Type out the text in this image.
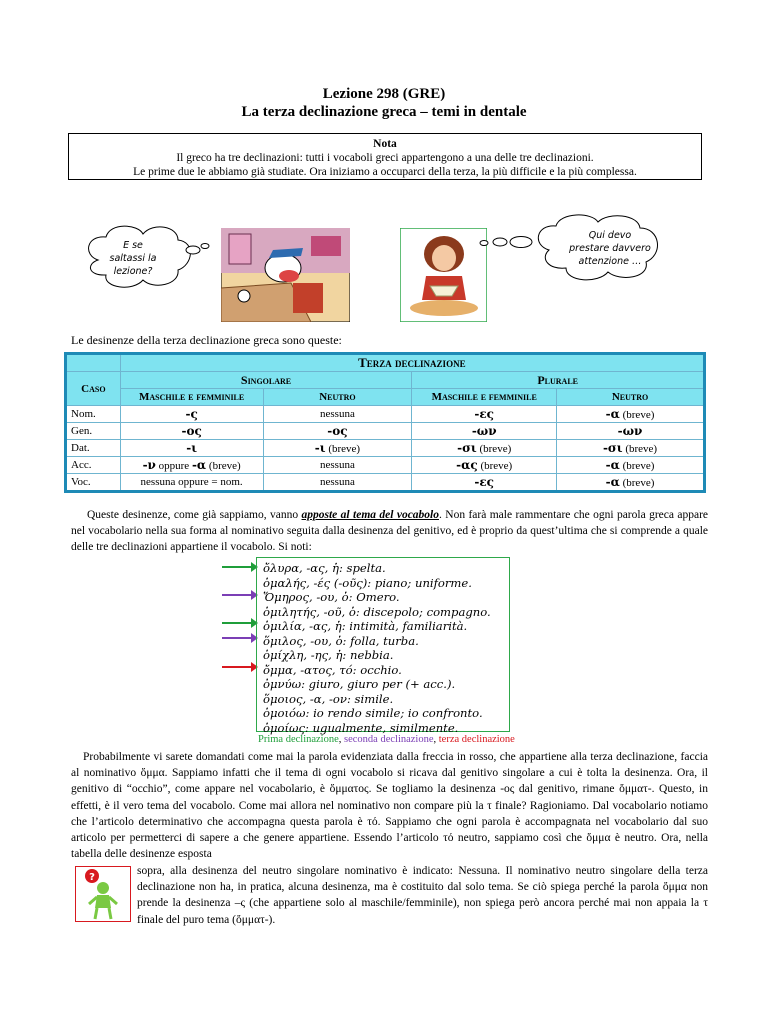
Lezione 298 (GRE)
La terza declinazione greca – temi in dentale
Nota
Il greco ha tre declinazioni: tutti i vocaboli greci appartengono a una delle tre declinazioni.
Le prime due le abbiamo già studiate. Ora iniziamo a occuparci della terza, la più difficile e la più complessa.
E se
saltassi la
lezione?
Qui devo
prestare davvero
attenzione …
Le desinenze della terza declinazione greca sono queste:
	Terza declinazione			
Caso	Singolare		Plurale	
	Maschile e femminile	Neutro	Maschile e femminile	Neutro
Nom.	-ς	nessuna	-ες	-α (breve)
Gen.	-ος	-ος	-ων	-ων
Dat.	-ι	-ι (breve)	-σι (breve)	-σι (breve)
Acc.	-ν oppure -α (breve)	nessuna	-ας (breve)	-α (breve)
Voc.	nessuna oppure = nom.	nessuna	-ες	-α (breve)
Queste desinenze, come già sappiamo, vanno apposte al tema del vocabolo. Non farà male rammentare che ogni parola greca appare nel vocabolario nella sua forma al nominativo seguita dalla desinenza del genitivo, ed è proprio da quest’ultima che si comprende a quale delle tre declinazioni appartiene il vocabolo. Si noti:
ὄλυρα, -ας, ἡ: spelta.
ὁμαλής, -ές (-οῦς): piano; uniforme.
Ὅμηρος, -ου, ὁ: Omero.
ὁμιλητής, -οῦ, ὁ: discepolo; compagno.
ὁμιλία, -ας, ἡ: intimità, familiarità.
ὅμιλος, -ου, ὁ: folla, turba.
ὁμίχλη, -ης, ἡ: nebbia.
ὄμμα, -ατος, τό: occhio.
ὀμνύω: giuro, giuro per (+ acc.).
ὅμοιος, -α, -ον: simile.
ὁμοιόω: io rendo simile; io confronto.
ὁμοίως: ugualmente, similmente.
Prima declinazione, seconda declinazione, terza declinazione
Probabilmente vi sarete domandati come mai la parola evidenziata dalla freccia in rosso, che appartiene alla terza declinazione, faccia al nominativo ὄμμα. Sappiamo infatti che il tema di ogni vocabolo si ricava dal genitivo singolare a cui è tolta la desinenza. Ora, il genitivo di “occhio”, come appare nel vocabolario, è ὄμματος. Se togliamo la desinenza -ος dal genitivo, rimane ὄμματ-. Questo, in effetti, è il vero tema del vocabolo. Come mai allora nel nominativo non compare più la τ finale? Ragioniamo. Dal vocabolario notiamo che l’articolo determinativo che accompagna questa parola è τό. Sappiamo che ogni parola è accompagnata nel vocabolario dal suo articolo per permetterci di sapere a che genere appartiene. Essendo l’articolo τό neutro, sappiamo così che ὄμμα è neutro. Ora, nella tabella delle desinenze esposta
?
sopra, alla desinenza del neutro singolare nominativo è indicato: Nessuna. Il nominativo neutro singolare della terza declinazione non ha, in pratica, alcuna desinenza, ma è costituito dal solo tema. Se ciò spiega perché la parola ὄμμα non prende la desinenza –ς (che appartiene solo al maschile/femminile), non spiega però ancora perché mai non appaia la τ finale del puro tema (ὄμματ-).
